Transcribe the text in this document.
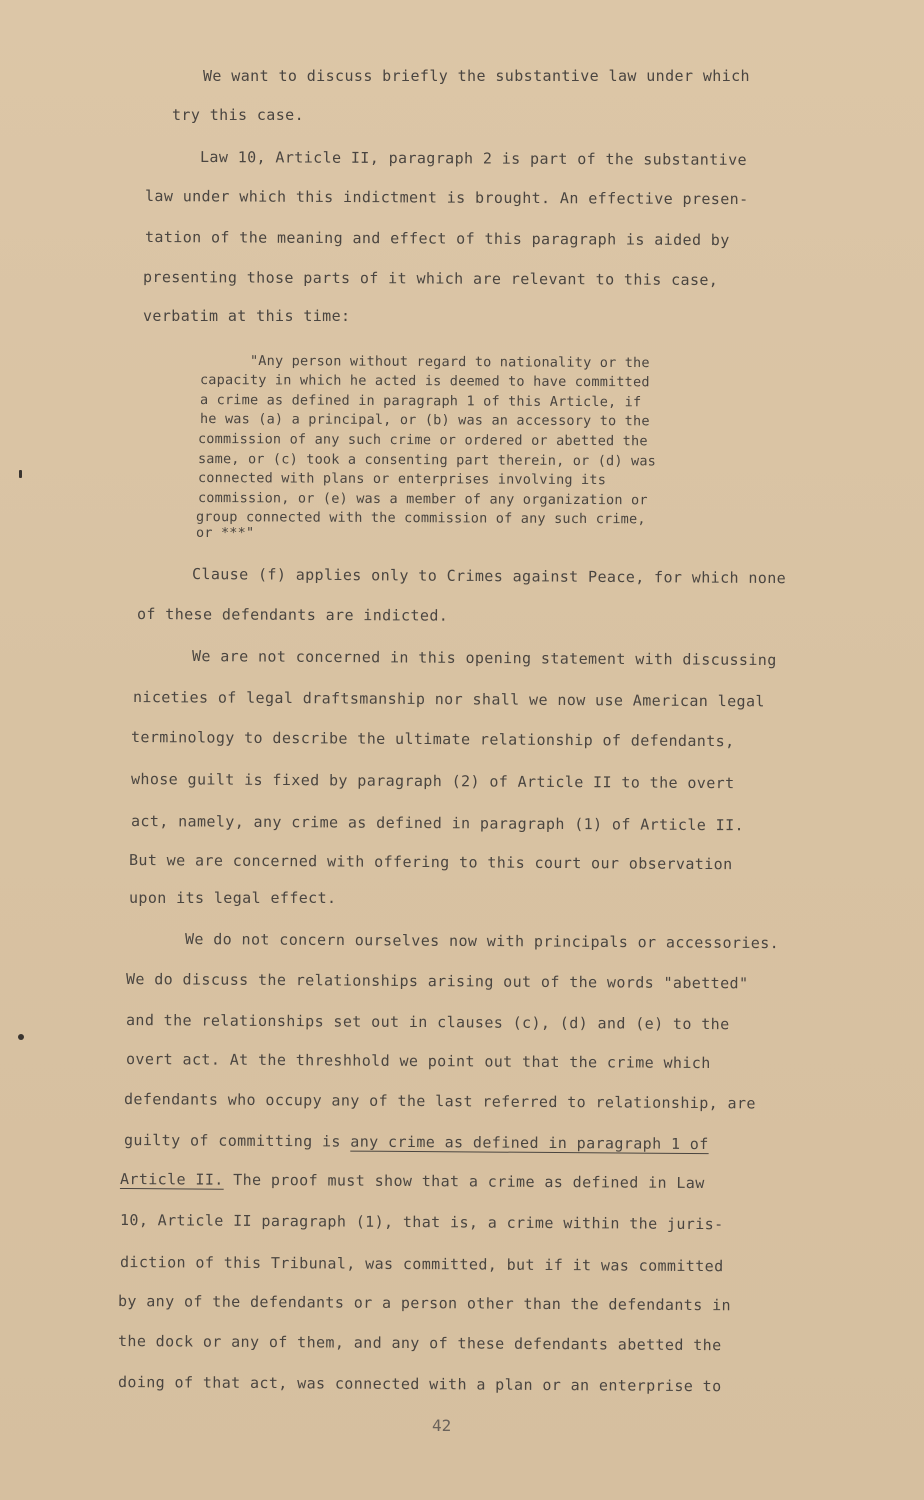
We want to discuss briefly the substantive law under which
try this case.
Law 10, Article II, paragraph 2 is part of the substantive
law under which this indictment is brought. An effective presen-
tation of the meaning and effect of this paragraph is aided by
presenting those parts of it which are relevant to this case,
verbatim at this time:
"Any person without regard to nationality or the
capacity in which he acted is deemed to have committed
a crime as defined in paragraph 1 of this Article, if
he was (a) a principal, or (b) was an accessory to the
commission of any such crime or ordered or abetted the
same, or (c) took a consenting part therein, or (d) was
connected with plans or enterprises involving its
commission, or (e) was a member of any organization or
group connected with the commission of any such crime,
or ***"
Clause (f) applies only to Crimes against Peace, for which none
of these defendants are indicted.
We are not concerned in this opening statement with discussing
niceties of legal draftsmanship nor shall we now use American legal
terminology to describe the ultimate relationship of defendants,
whose guilt is fixed by paragraph (2) of Article II to the overt
act, namely, any crime as defined in paragraph (1) of Article II.
But we are concerned with offering to this court our observation
upon its legal effect.
We do not concern ourselves now with principals or accessories.
We do discuss the relationships arising out of the words "abetted"
and the relationships set out in clauses (c), (d) and (e) to the
overt act. At the threshhold we point out that the crime which
defendants who occupy any of the last referred to relationship, are
guilty of committing is any crime as defined in paragraph 1 of
Article II. The proof must show that a crime as defined in Law
10, Article II paragraph (1), that is, a crime within the juris-
diction of this Tribunal, was committed, but if it was committed
by any of the defendants or a person other than the defendants in
the dock or any of them, and any of these defendants abetted the
doing of that act, was connected with a plan or an enterprise to
42
